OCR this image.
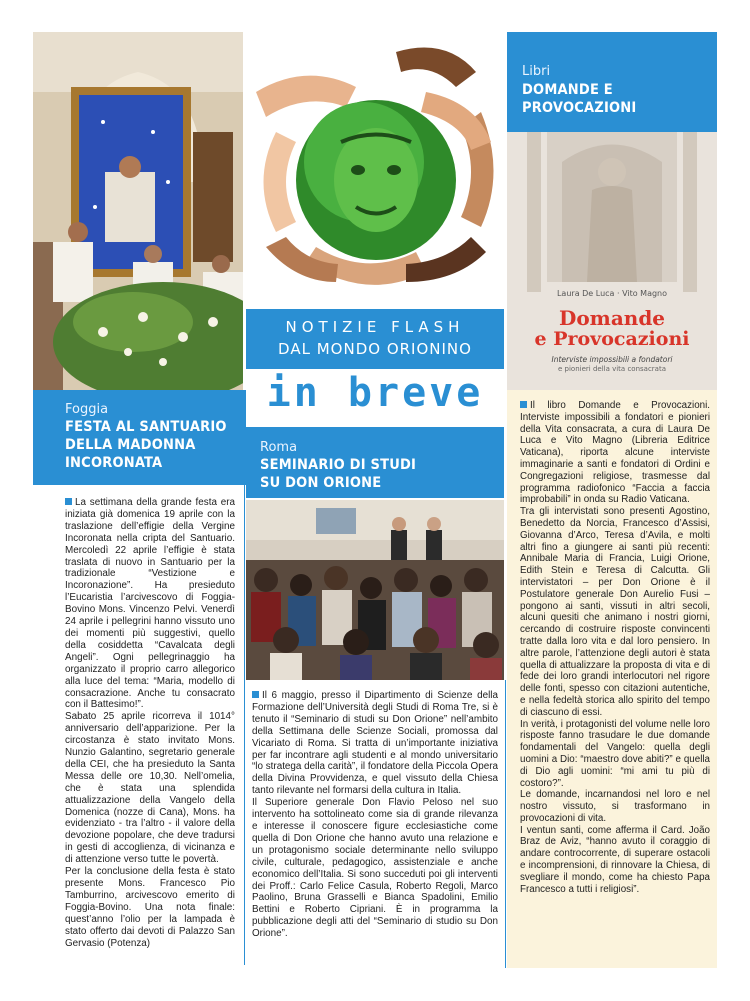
Laura De Luca · Vito Magno
Domande
e Provocazioni
Interviste impossibili a fondatori
e pionieri della vita consacrata
Libri
DOMANDE E
PROVOCAZIONI
NOTIZIE FLASH
DAL MONDO ORIONINO
in breve
Foggia
FESTA AL SANTUARIO
DELLA MADONNA
INCORONATA
Roma
SEMINARIO DI STUDI
SU DON ORIONE

La settimana della grande festa era iniziata già domenica 19 aprile con la traslazione dell’effigie della Vergine Incoronata nella cripta del Santuario. Mercoledì 22 aprile l’effigie è stata traslata di nuovo in Santuario per la tradizionale “Vestizione e Incoronazione”. Ha presieduto l’Eucaristia l’arcivescovo di Foggia-Bovino Mons. Vincenzo Pelvi. Venerdì 24 aprile i pellegrini hanno vissuto uno dei momenti più suggestivi, quello della cosiddetta “Cavalcata degli Angeli”. Ogni pellegrinaggio ha organizzato il proprio carro allegorico alla luce del tema: “Maria, modello di consacrazione. Anche tu consacrato con il Battesimo!”.

Sabato 25 aprile ricorreva il 1014° anniversario dell’apparizione. Per la circostanza è stato invitato Mons. Nunzio Galantino, segretario generale della CEI, che ha presieduto la Santa Messa delle ore 10,30. Nell’omelia, che è stata una splendida attualizzazione della Vangelo della Domenica (nozze di Cana), Mons. ha evidenziato - tra l’altro - il valore della devozione popolare, che deve tradursi in gesti di accoglienza, di vicinanza e di attenzione verso tutte le povertà.

Per la conclusione della festa è stato presente Mons. Francesco Pio Tamburrino, arcivescovo emerito di Foggia-Bovino. Una nota finale: quest’anno l’olio per la lampada è stato offerto dai devoti di Palazzo San Gervasio (Potenza)

Il 6 maggio, presso il Dipartimento di Scienze della Formazione dell’Università degli Studi di Roma Tre, si è tenuto il “Seminario di studi su Don Orione” nell’ambito della Settimana delle Scienze Sociali, promossa dal Vicariato di Roma. Si tratta di un’importante iniziativa per far incontrare agli studenti e al mondo universitario “lo stratega della carità”, il fondatore della Piccola Opera della Divina Provvidenza, e quel vissuto della Chiesa tanto rilevante nel formarsi della cultura in Italia.

Il Superiore generale Don Flavio Peloso nel suo intervento ha sottolineato come sia di grande rilevanza e interesse il conoscere figure ecclesiastiche come quella di Don Orione che hanno avuto una relazione e un protagonismo sociale determinante nello sviluppo civile, culturale, pedagogico, assistenziale e anche economico dell’Italia. Si sono succeduti poi gli interventi dei Proff.: Carlo Felice Casula, Roberto Regoli, Marco Paolino, Bruna Grasselli e Bianca Spadolini, Emilio Bettini e Roberto Cipriani. È in programma la pubblicazione degli atti del “Seminario di studio su Don Orione”.

Il libro Domande e Provocazioni. Interviste impossibili a fondatori e pionieri della Vita consacrata, a cura di Laura De Luca e Vito Magno (Libreria Editrice Vaticana), riporta alcune interviste immaginarie a santi e fondatori di Ordini e Congregazioni religiose, trasmesse dal programma radiofonico “Faccia a faccia improbabili” in onda su Radio Vaticana.

Tra gli intervistati sono presenti Agostino, Benedetto da Norcia, Francesco d’Assisi, Giovanna d’Arco, Teresa d’Avila, e molti altri fino a giungere ai santi più recenti: Annibale Maria di Francia, Luigi Orione, Edith Stein e Teresa di Calcutta. Gli intervistatori – per Don Orione è il Postulatore generale Don Aurelio Fusi – pongono ai santi, vissuti in altri secoli, alcuni quesiti che animano i nostri giorni, cercando di costruire risposte convincenti tratte dalla loro vita e dal loro pensiero. In altre parole, l’attenzione degli autori è stata quella di attualizzare la proposta di vita e di fede dei loro grandi interlocutori nel rigore delle fonti, spesso con citazioni autentiche, e nella fedeltà storica allo spirito del tempo di ciascuno di essi.

In verità, i protagonisti del volume nelle loro risposte fanno trasudare le due domande fondamentali del Vangelo: quella degli uomini a Dio: “maestro dove abiti?” e quella di Dio agli uomini: “mi ami tu più di costoro?”.

Le domande, incarnandosi nel loro e nel nostro vissuto, si trasformano in provocazioni di vita.

I ventun santi, come afferma il Card. João Braz de Aviz, “hanno avuto il coraggio di andare controcorrente, di superare ostacoli e incomprensioni, di rinnovare la Chiesa, di svegliare il mondo, come ha chiesto Papa Francesco a tutti i religiosi”.
